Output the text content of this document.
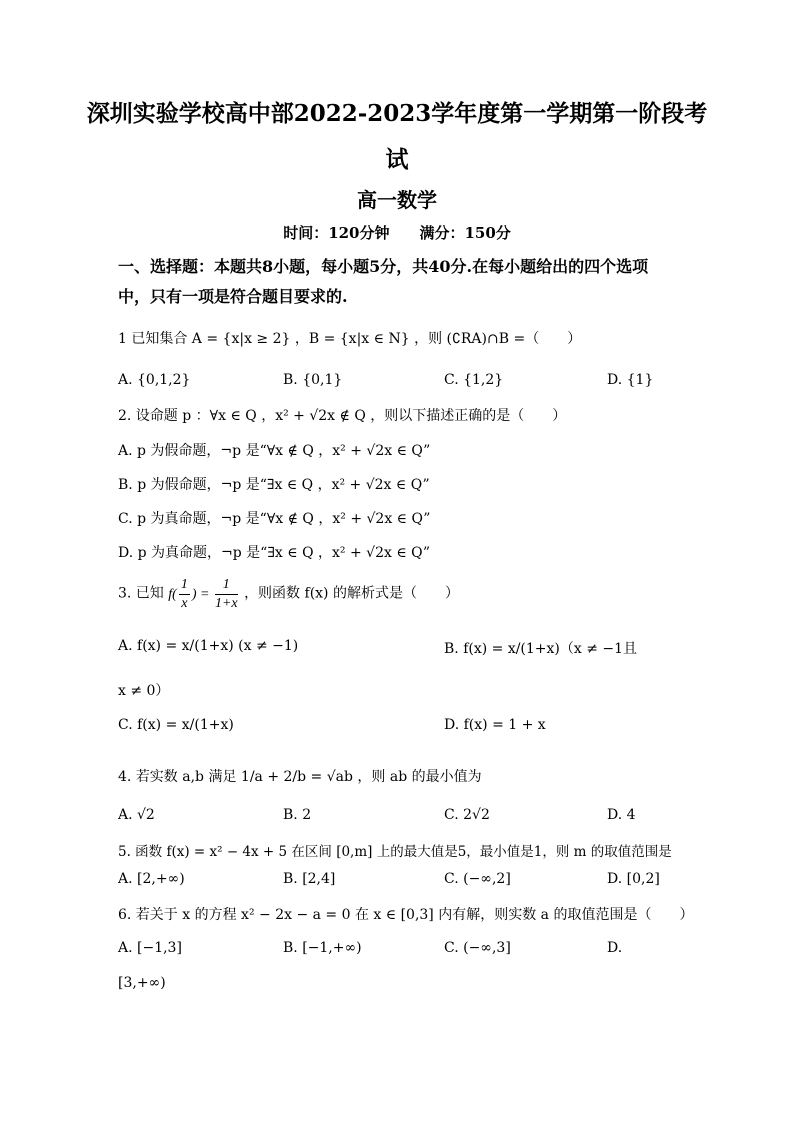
深圳实验学校高中部2022-2023学年度第一学期第一阶段考
试
高一数学
时间：120分钟　　满分：150分
一、选择题：本题共8小题，每小题5分，共40分.在每小题给出的四个选项
中，只有一项是符合题目要求的.
1 已知集合 A = {x|x ≥ 2} ，B = {x|x ∈ N} ，则 (∁RA)∩B =（　　）
A. {0,1,2}	B. {0,1}	C. {1,2}	D. {1}
2. 设命题 p ：∀x ∈ Q ，x² + √2x ∉ Q ，则以下描述正确的是（　　）
A. p 为假命题，¬p 是“∀x ∉ Q ，x² + √2x ∈ Q”
B. p 为假命题，¬p 是“∃x ∈ Q ，x² + √2x ∈ Q”
C. p 为真命题，¬p 是“∀x ∉ Q ，x² + √2x ∈ Q”
D. p 为真命题，¬p 是“∃x ∈ Q ，x² + √2x ∈ Q”
3. 已知 $f( \frac{1}{x}$ ) = $\frac{1}{1+x}$ ，则函数 f(x) 的解析式是（　　）
A. f(x) = x/(1+x) (x ≠ −1)	B. f(x) = x/(1+x)（x ≠ −1且
x ≠ 0）
C. f(x) = x/(1+x)	D. f(x) = 1 + x
4. 若实数 a,b 满足 1/a + 2/b = √ab ，则 ab 的最小值为
A. √2	B. 2	C. 2√2	D. 4
5. 函数 f(x) = x² − 4x + 5 在区间 [0,m] 上的最大值是5，最小值是1，则 m 的取值范围是
A. [2,+∞)	B. [2,4]	C. (−∞,2]	D. [0,2]
6. 若关于 x 的方程 x² − 2x − a = 0 在 x ∈ [0,3] 内有解，则实数 a 的取值范围是（　　）
A. [−1,3]	B. [−1,+∞)	C. (−∞,3]	D.
[3,+∞)
